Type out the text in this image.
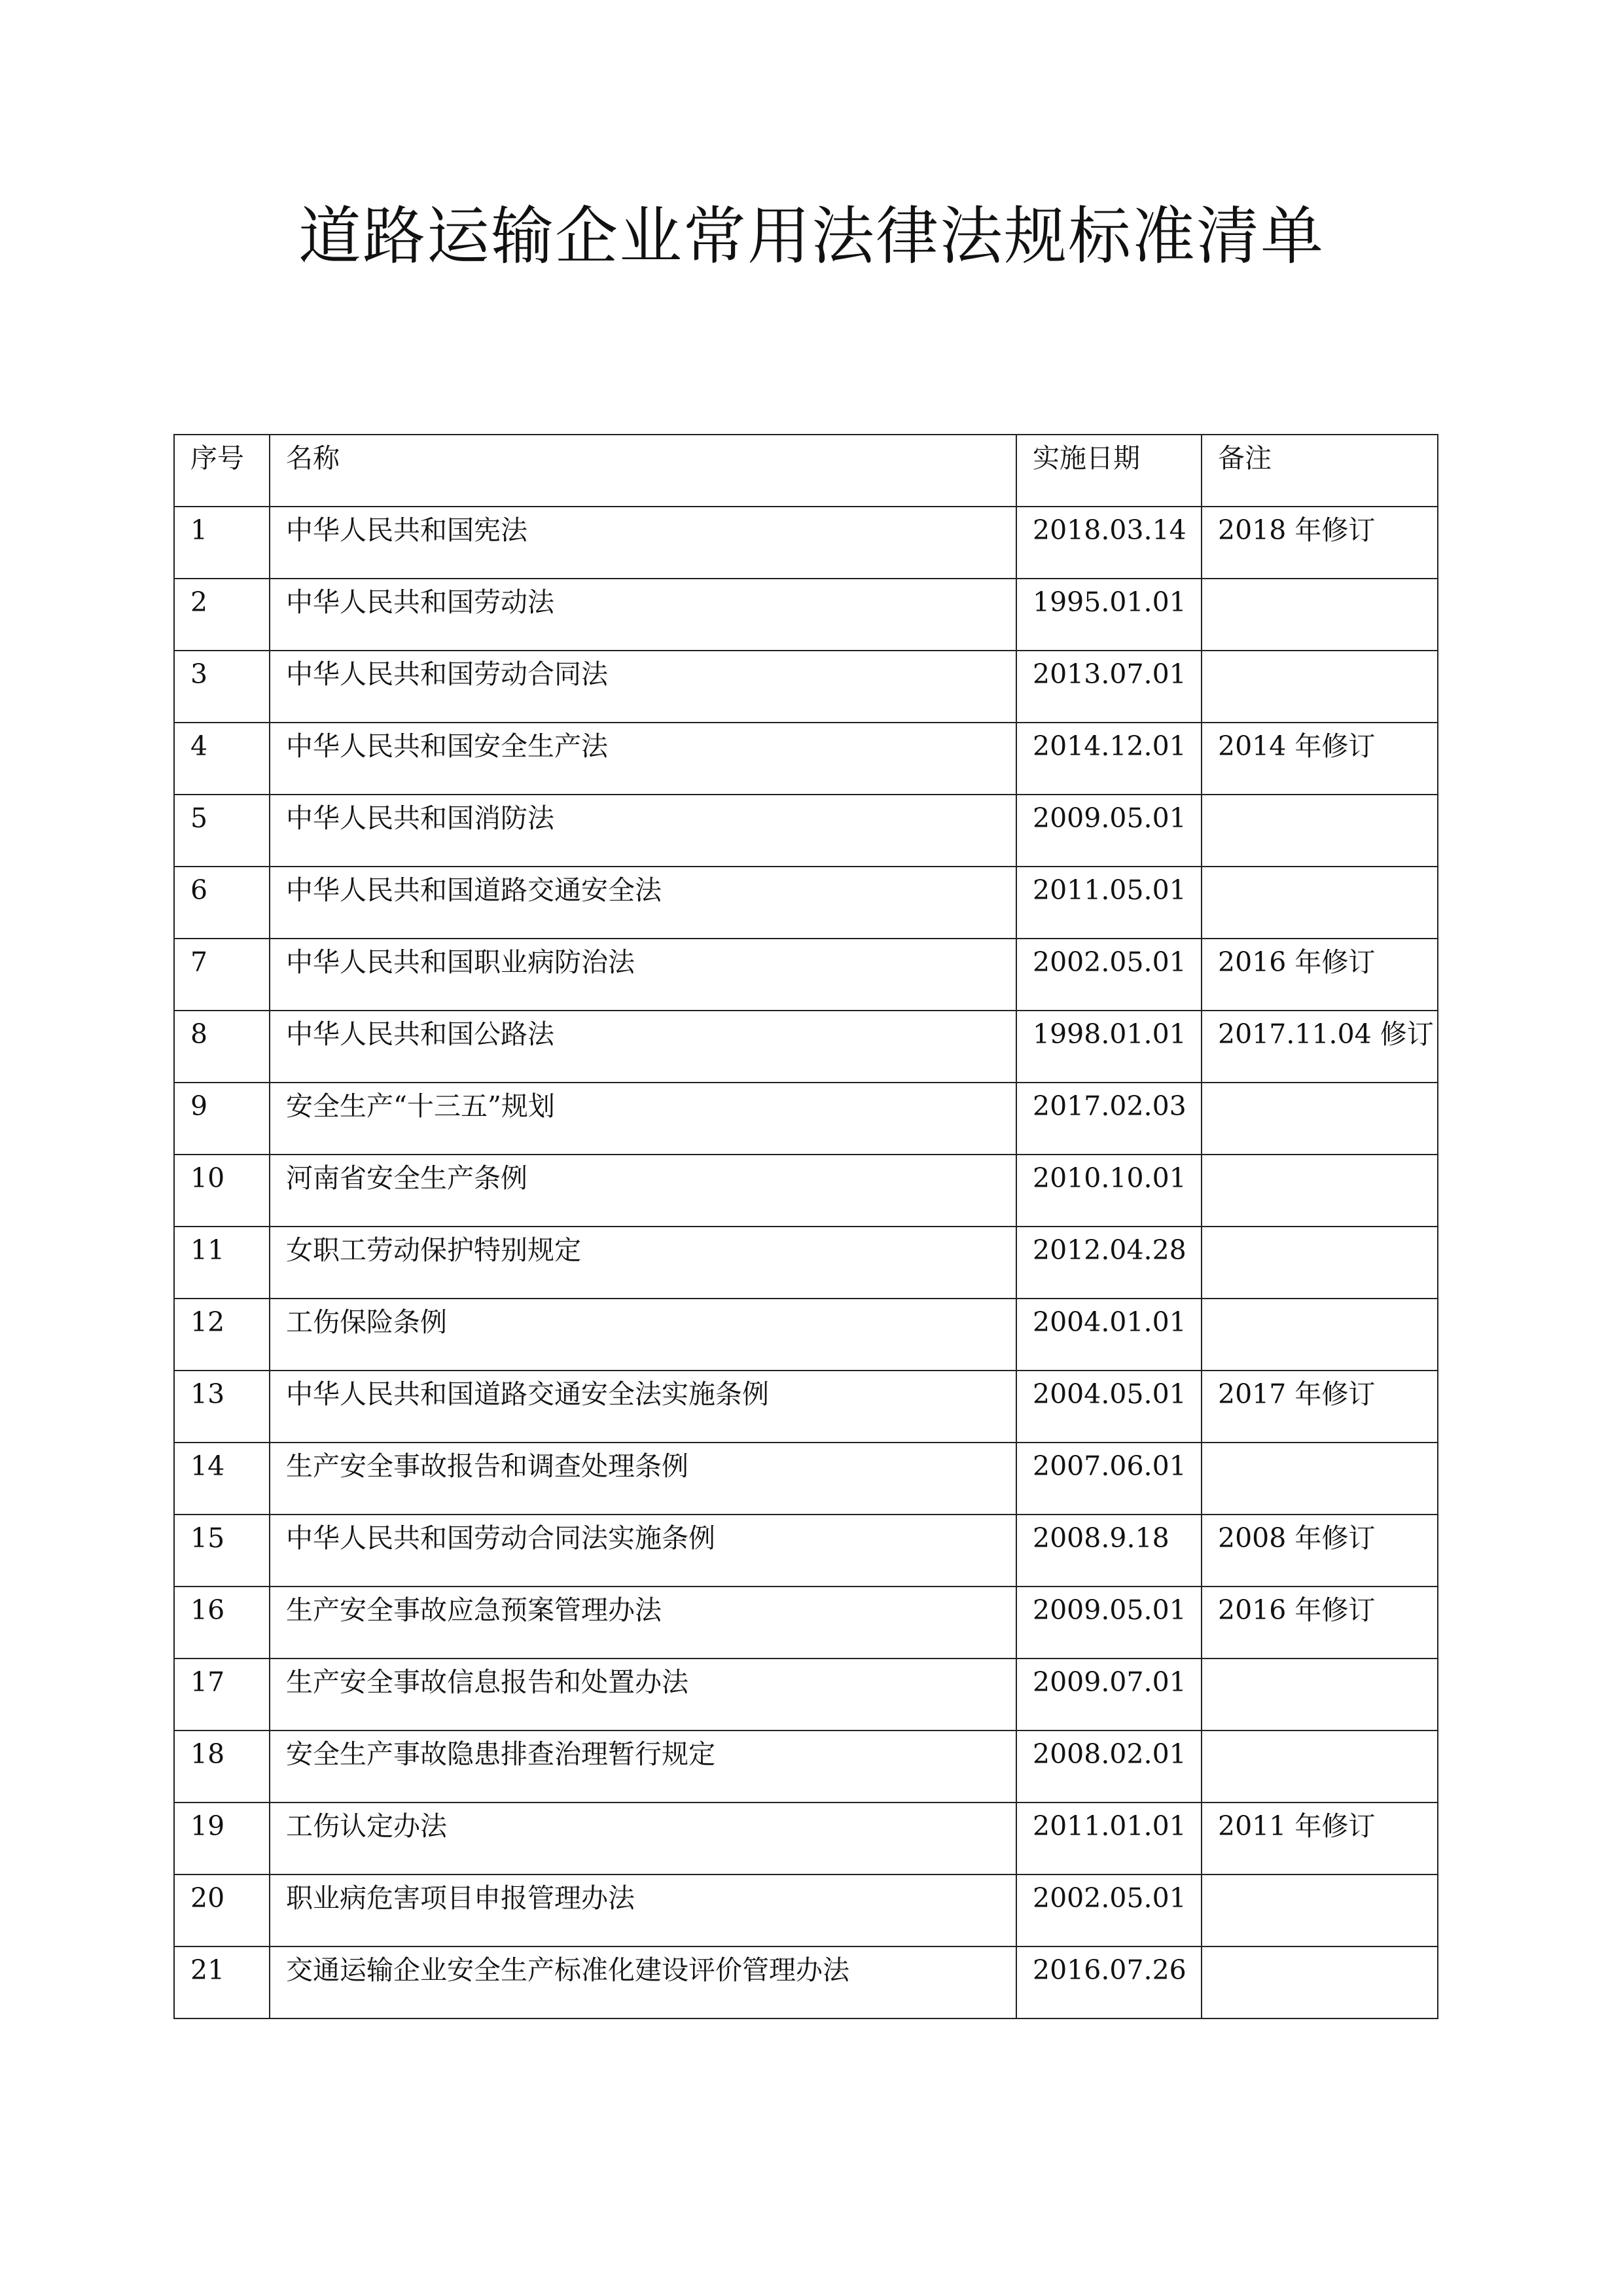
道路运输企业常用法律法规标准清单
序号	名称	实施日期	备注
1	中华人民共和国宪法	2018.03.14	2018 年修订
2	中华人民共和国劳动法	1995.01.01	
3	中华人民共和国劳动合同法	2013.07.01	
4	中华人民共和国安全生产法	2014.12.01	2014 年修订
5	中华人民共和国消防法	2009.05.01	
6	中华人民共和国道路交通安全法	2011.05.01	
7	中华人民共和国职业病防治法	2002.05.01	2016 年修订
8	中华人民共和国公路法	1998.01.01	2017.11.04 修订
9	安全生产“十三五”规划	2017.02.03	
10	河南省安全生产条例	2010.10.01	
11	女职工劳动保护特别规定	2012.04.28	
12	工伤保险条例	2004.01.01	
13	中华人民共和国道路交通安全法实施条例	2004.05.01	2017 年修订
14	生产安全事故报告和调查处理条例	2007.06.01	
15	中华人民共和国劳动合同法实施条例	2008.9.18	2008 年修订
16	生产安全事故应急预案管理办法	2009.05.01	2016 年修订
17	生产安全事故信息报告和处置办法	2009.07.01	
18	安全生产事故隐患排查治理暂行规定	2008.02.01	
19	工伤认定办法	2011.01.01	2011 年修订
20	职业病危害项目申报管理办法	2002.05.01	
21	交通运输企业安全生产标准化建设评价管理办法	2016.07.26	
